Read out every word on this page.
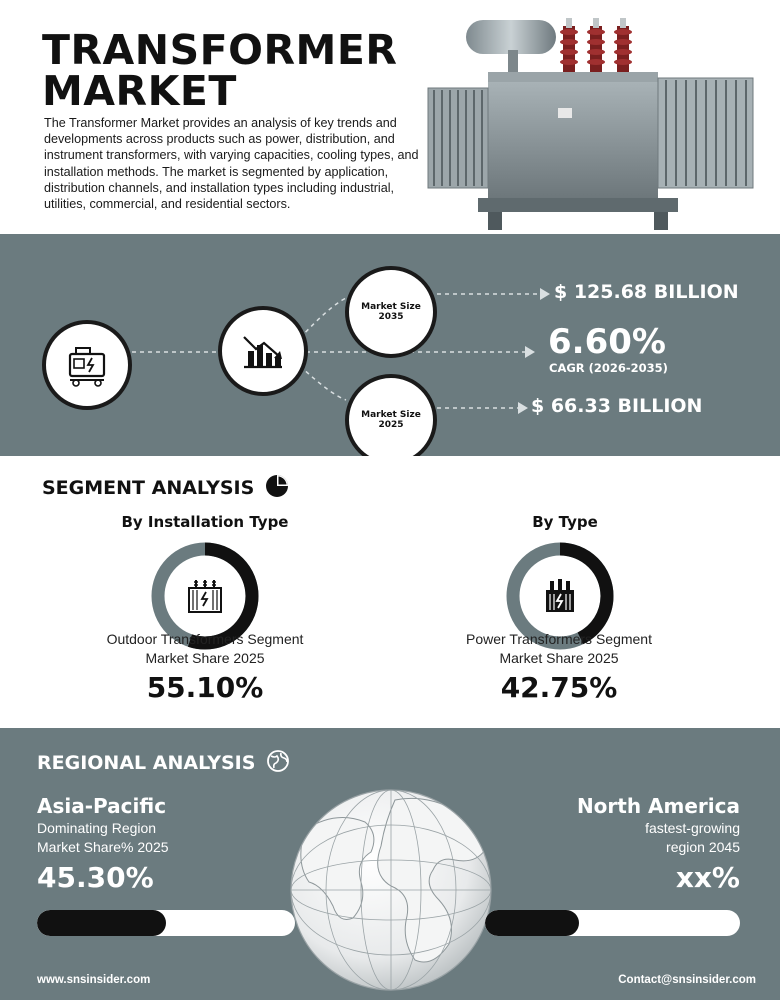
TRANSFORMER
MARKET

The Transformer Market provides an analysis of key trends and developments across products such as power, distribution, and instrument transformers, with varying capacities, cooling types, and installation methods. The market is segmented by application, distribution channels, and installation types including industrial, utilities, commercial, and residential sectors.

Market Size
2035
Market Size
2025
$ 125.68 BILLION
6.60%
CAGR (2026-2035)
$ 66.33 BILLION
SEGMENT ANALYSIS
By Installation Type	By Type
Outdoor Transformers Segment
Market Share 2025
Power Transformers Segment
Market Share 2025
55.10%	42.75%
REGIONAL ANALYSIS
Asia-Pacific
Dominating Region
Market Share% 2025
45.30%
North America
fastest-growing
region 2045
xx%
www.snsinsider.com	Contact@snsinsider.com
